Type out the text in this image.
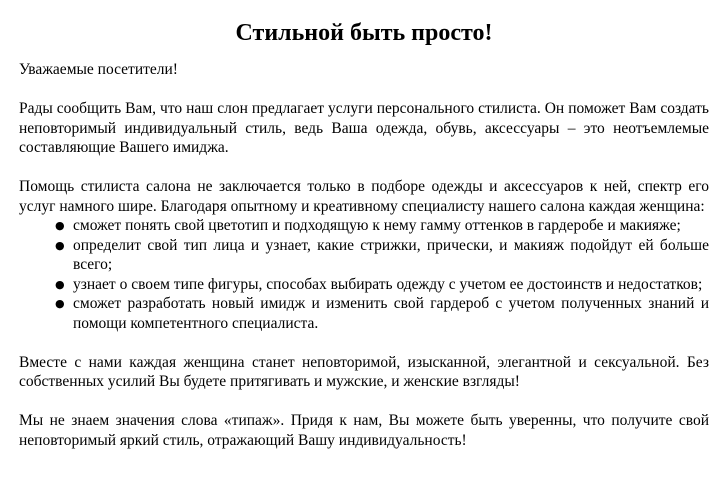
Стильной быть просто!

Уважаемые посетители!

Рады сообщить Вам, что наш слон предлагает услуги персонального стилиста. Он поможет Вам создать неповторимый индивидуальный стиль, ведь Ваша одежда, обувь, аксессуары – это неотъемлемые составляющие Вашего имиджа.

Помощь стилиста салона не заключается только в подборе одежды и аксессуаров к ней, спектр его услуг намного шире. Благодаря опытному и креативному специалисту нашего салона каждая женщина:

● сможет понять свой цветотип и подходящую к нему гамму оттенков в гардеробе и макияже;
● определит свой тип лица и узнает, какие стрижки, прически, и макияж подойдут ей больше всего;
● узнает о своем типе фигуры, способах выбирать одежду с учетом ее достоинств и недостатков;
● сможет разработать новый имидж и изменить свой гардероб с учетом полученных знаний и помощи компетентного специалиста.

Вместе с нами каждая женщина станет неповторимой, изысканной, элегантной и сексуальной. Без собственных усилий Вы будете притягивать и мужские, и женские взгляды!

Мы не знаем значения слова «типаж». Придя к нам, Вы можете быть уверенны, что получите свой неповторимый яркий стиль, отражающий Вашу индивидуальность!
